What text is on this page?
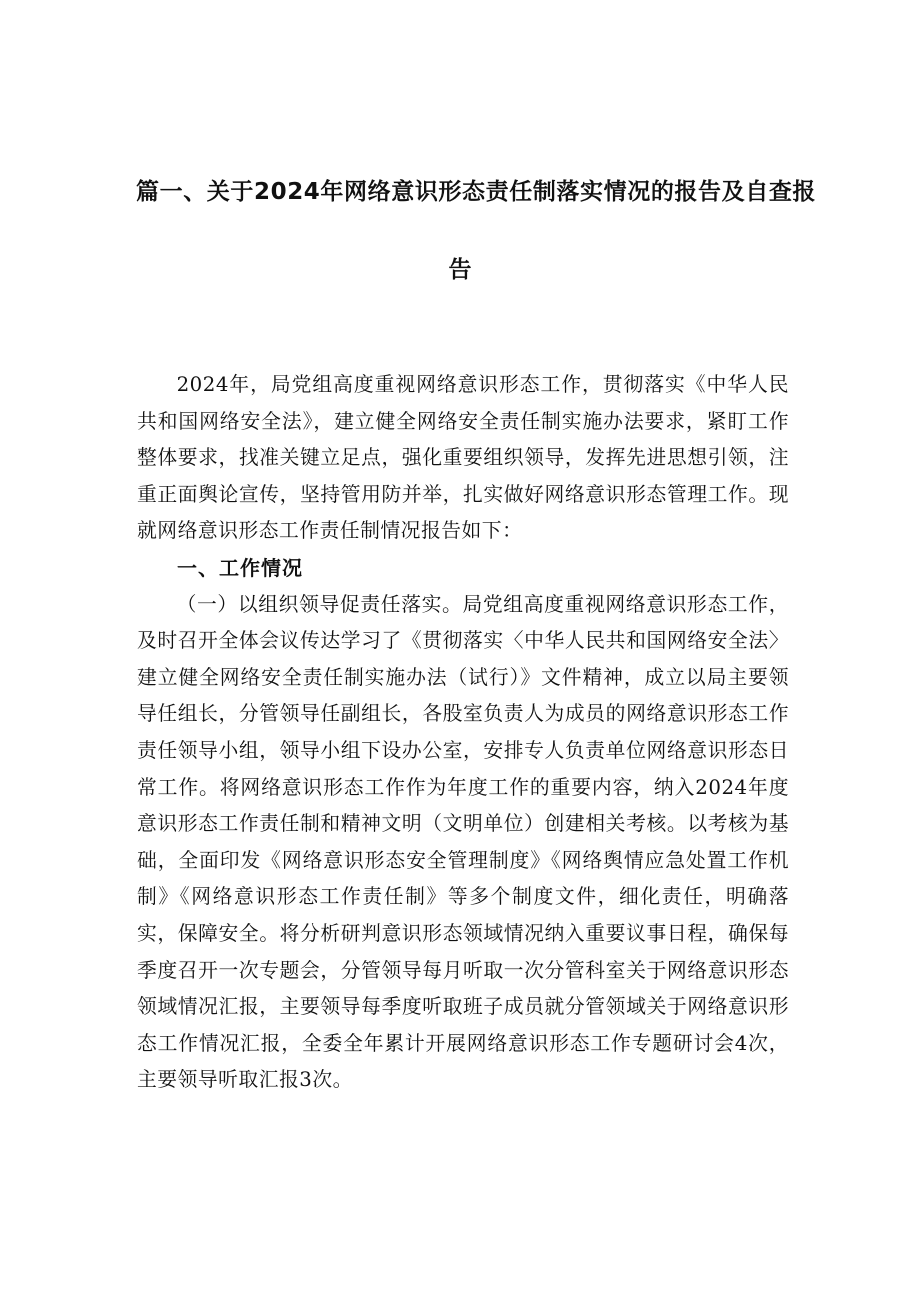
篇一、关于2024年网络意识形态责任制落实情况的报告及自查报
告

2024年，局党组高度重视网络意识形态工作，贯彻落实《中华人民共和国网络安全法》，建立健全网络安全责任制实施办法要求，紧盯工作整体要求，找准关键立足点，强化重要组织领导，发挥先进思想引领，注重正面舆论宣传，坚持管用防并举，扎实做好网络意识形态管理工作。现就网络意识形态工作责任制情况报告如下：

一、工作情况

（一）以组织领导促责任落实。局党组高度重视网络意识形态工作，及时召开全体会议传达学习了《贯彻落实〈中华人民共和国网络安全法〉建立健全网络安全责任制实施办法（试行）》文件精神，成立以局主要领导任组长，分管领导任副组长，各股室负责人为成员的网络意识形态工作责任领导小组，领导小组下设办公室，安排专人负责单位网络意识形态日常工作。将网络意识形态工作作为年度工作的重要内容，纳入2024年度意识形态工作责任制和精神文明（文明单位）创建相关考核。以考核为基础，全面印发《网络意识形态安全管理制度》《网络舆情应急处置工作机制》《网络意识形态工作责任制》等多个制度文件，细化责任，明确落实，保障安全。将分析研判意识形态领域情况纳入重要议事日程，确保每季度召开一次专题会，分管领导每月听取一次分管科室关于网络意识形态领域情况汇报，主要领导每季度听取班子成员就分管领域关于网络意识形态工作情况汇报，全委全年累计开展网络意识形态工作专题研讨会4次，主要领导听取汇报3次。
